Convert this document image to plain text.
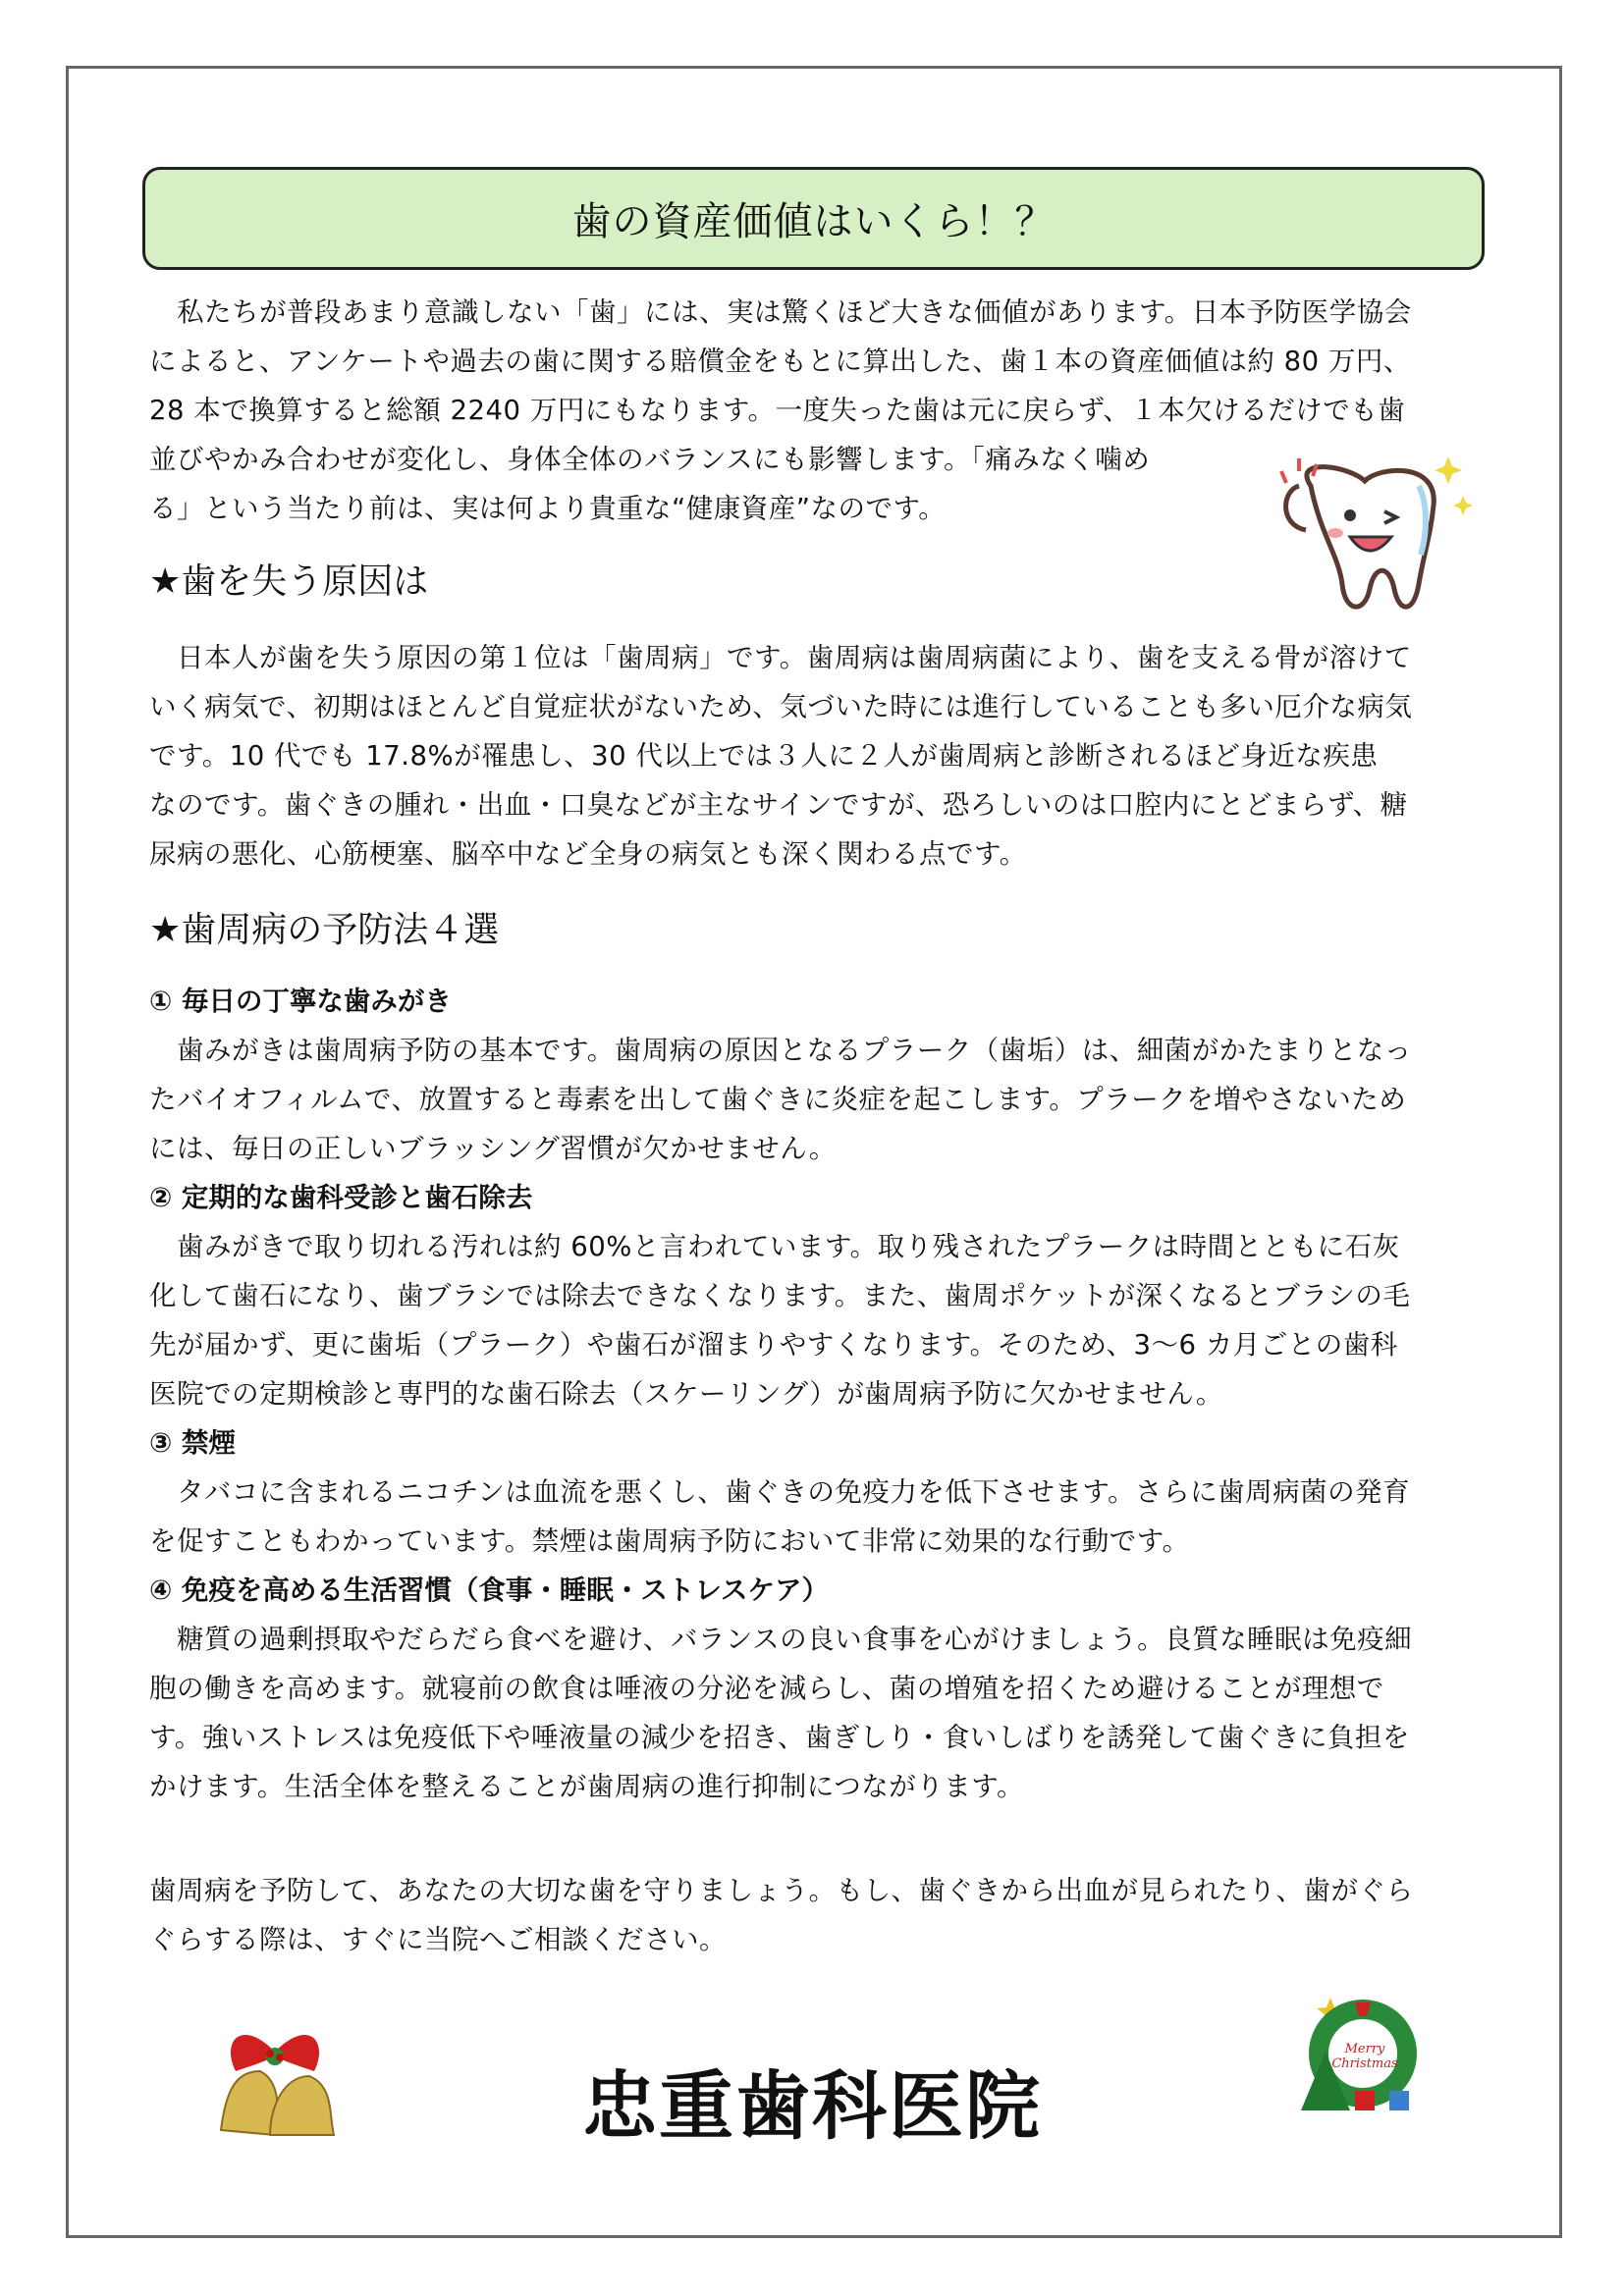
歯の資産価値はいくら！？
　私たちが普段あまり意識しない「歯」には、実は驚くほど大きな価値があります。日本予防医学協会
によると、アンケートや過去の歯に関する賠償金をもとに算出した、歯１本の資産価値は約 80 万円、
28 本で換算すると総額 2240 万円にもなります。一度失った歯は元に戻らず、１本欠けるだけでも歯
並びやかみ合わせが変化し、身体全体のバランスにも影響します。「痛みなく噛め
る」という当たり前は、実は何より貴重な“健康資産”なのです。
★歯を失う原因は
　日本人が歯を失う原因の第１位は「歯周病」です。歯周病は歯周病菌により、歯を支える骨が溶けて
いく病気で、初期はほとんど自覚症状がないため、気づいた時には進行していることも多い厄介な病気
です。10 代でも 17.8%が罹患し、30 代以上では３人に２人が歯周病と診断されるほど身近な疾患
なのです。歯ぐきの腫れ・出血・口臭などが主なサインですが、恐ろしいのは口腔内にとどまらず、糖
尿病の悪化、心筋梗塞、脳卒中など全身の病気とも深く関わる点です。
★歯周病の予防法４選
① 毎日の丁寧な歯みがき
　歯みがきは歯周病予防の基本です。歯周病の原因となるプラーク（歯垢）は、細菌がかたまりとなっ
たバイオフィルムで、放置すると毒素を出して歯ぐきに炎症を起こします。プラークを増やさないため
には、毎日の正しいブラッシング習慣が欠かせません。
② 定期的な歯科受診と歯石除去
　歯みがきで取り切れる汚れは約 60%と言われています。取り残されたプラークは時間とともに石灰
化して歯石になり、歯ブラシでは除去できなくなります。また、歯周ポケットが深くなるとブラシの毛
先が届かず、更に歯垢（プラーク）や歯石が溜まりやすくなります。そのため、3〜6 カ月ごとの歯科
医院での定期検診と専門的な歯石除去（スケーリング）が歯周病予防に欠かせません。
③ 禁煙
　タバコに含まれるニコチンは血流を悪くし、歯ぐきの免疫力を低下させます。さらに歯周病菌の発育
を促すこともわかっています。禁煙は歯周病予防において非常に効果的な行動です。
④ 免疫を高める生活習慣（食事・睡眠・ストレスケア）
　糖質の過剰摂取やだらだら食べを避け、バランスの良い食事を心がけましょう。良質な睡眠は免疫細
胞の働きを高めます。就寝前の飲食は唾液の分泌を減らし、菌の増殖を招くため避けることが理想で
す。強いストレスは免疫低下や唾液量の減少を招き、歯ぎしり・食いしばりを誘発して歯ぐきに負担を
かけます。生活全体を整えることが歯周病の進行抑制につながります。
歯周病を予防して、あなたの大切な歯を守りましょう。もし、歯ぐきから出血が見られたり、歯がぐら
ぐらする際は、すぐに当院へご相談ください。
忠重歯科医院
Merry Christmas
